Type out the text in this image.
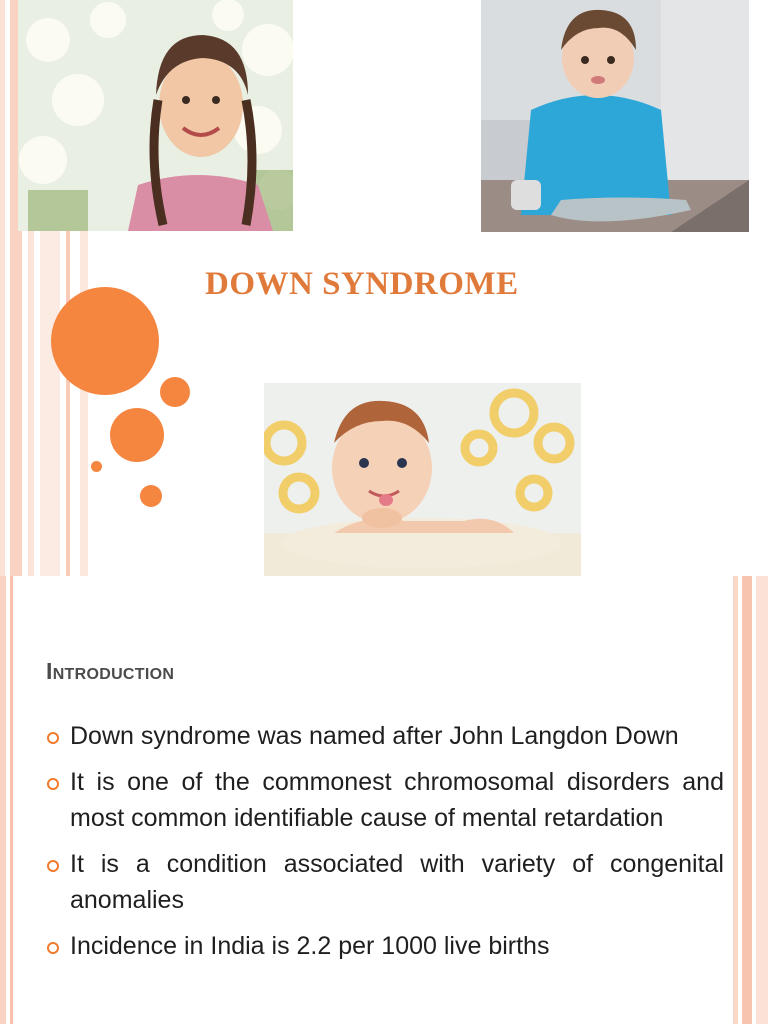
DOWN SYNDROME
Introduction
Down syndrome was named after John Langdon Down
It is one of the commonest chromosomal disorders and most common identifiable cause of mental retardation
It is a condition associated with variety of congenital anomalies
Incidence in India is 2.2 per 1000 live births
